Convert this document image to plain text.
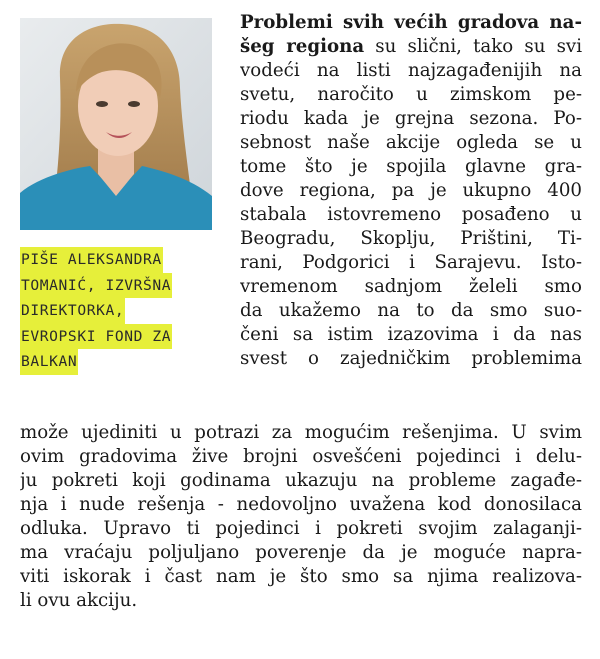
PIŠE ALEKSANDRA
TOMANIĆ, IZVRŠNA
DIREKTORKA,
EVROPSKI FOND ZA
BALKAN
Problemi svih većih gradova na-
šeg regiona su slični, tako su svi
vodeći na listi najzagađenijih na
svetu, naročito u zimskom pe-
riodu kada je grejna sezona. Po-
sebnost naše akcije ogleda se u
tome što je spojila glavne gra-
dove regiona, pa je ukupno 400
stabala istovremeno posađeno u
Beogradu, Skoplju, Prištini, Ti-
rani, Podgorici i Sarajevu. Isto-
vremenom sadnjom želeli smo
da ukažemo na to da smo suo-
čeni sa istim izazovima i da nas
svest o zajedničkim problemima
može ujediniti u potrazi za mogućim rešenjima. U svim
ovim gradovima žive brojni osvešćeni pojedinci i delu-
ju pokreti koji godinama ukazuju na probleme zagađe-
nja i nude rešenja - nedovoljno uvažena kod donosilaca
odluka. Upravo ti pojedinci i pokreti svojim zalaganji-
ma vraćaju poljuljano poverenje da je moguće napra-
viti iskorak i čast nam je što smo sa njima realizova-
li ovu akciju.
